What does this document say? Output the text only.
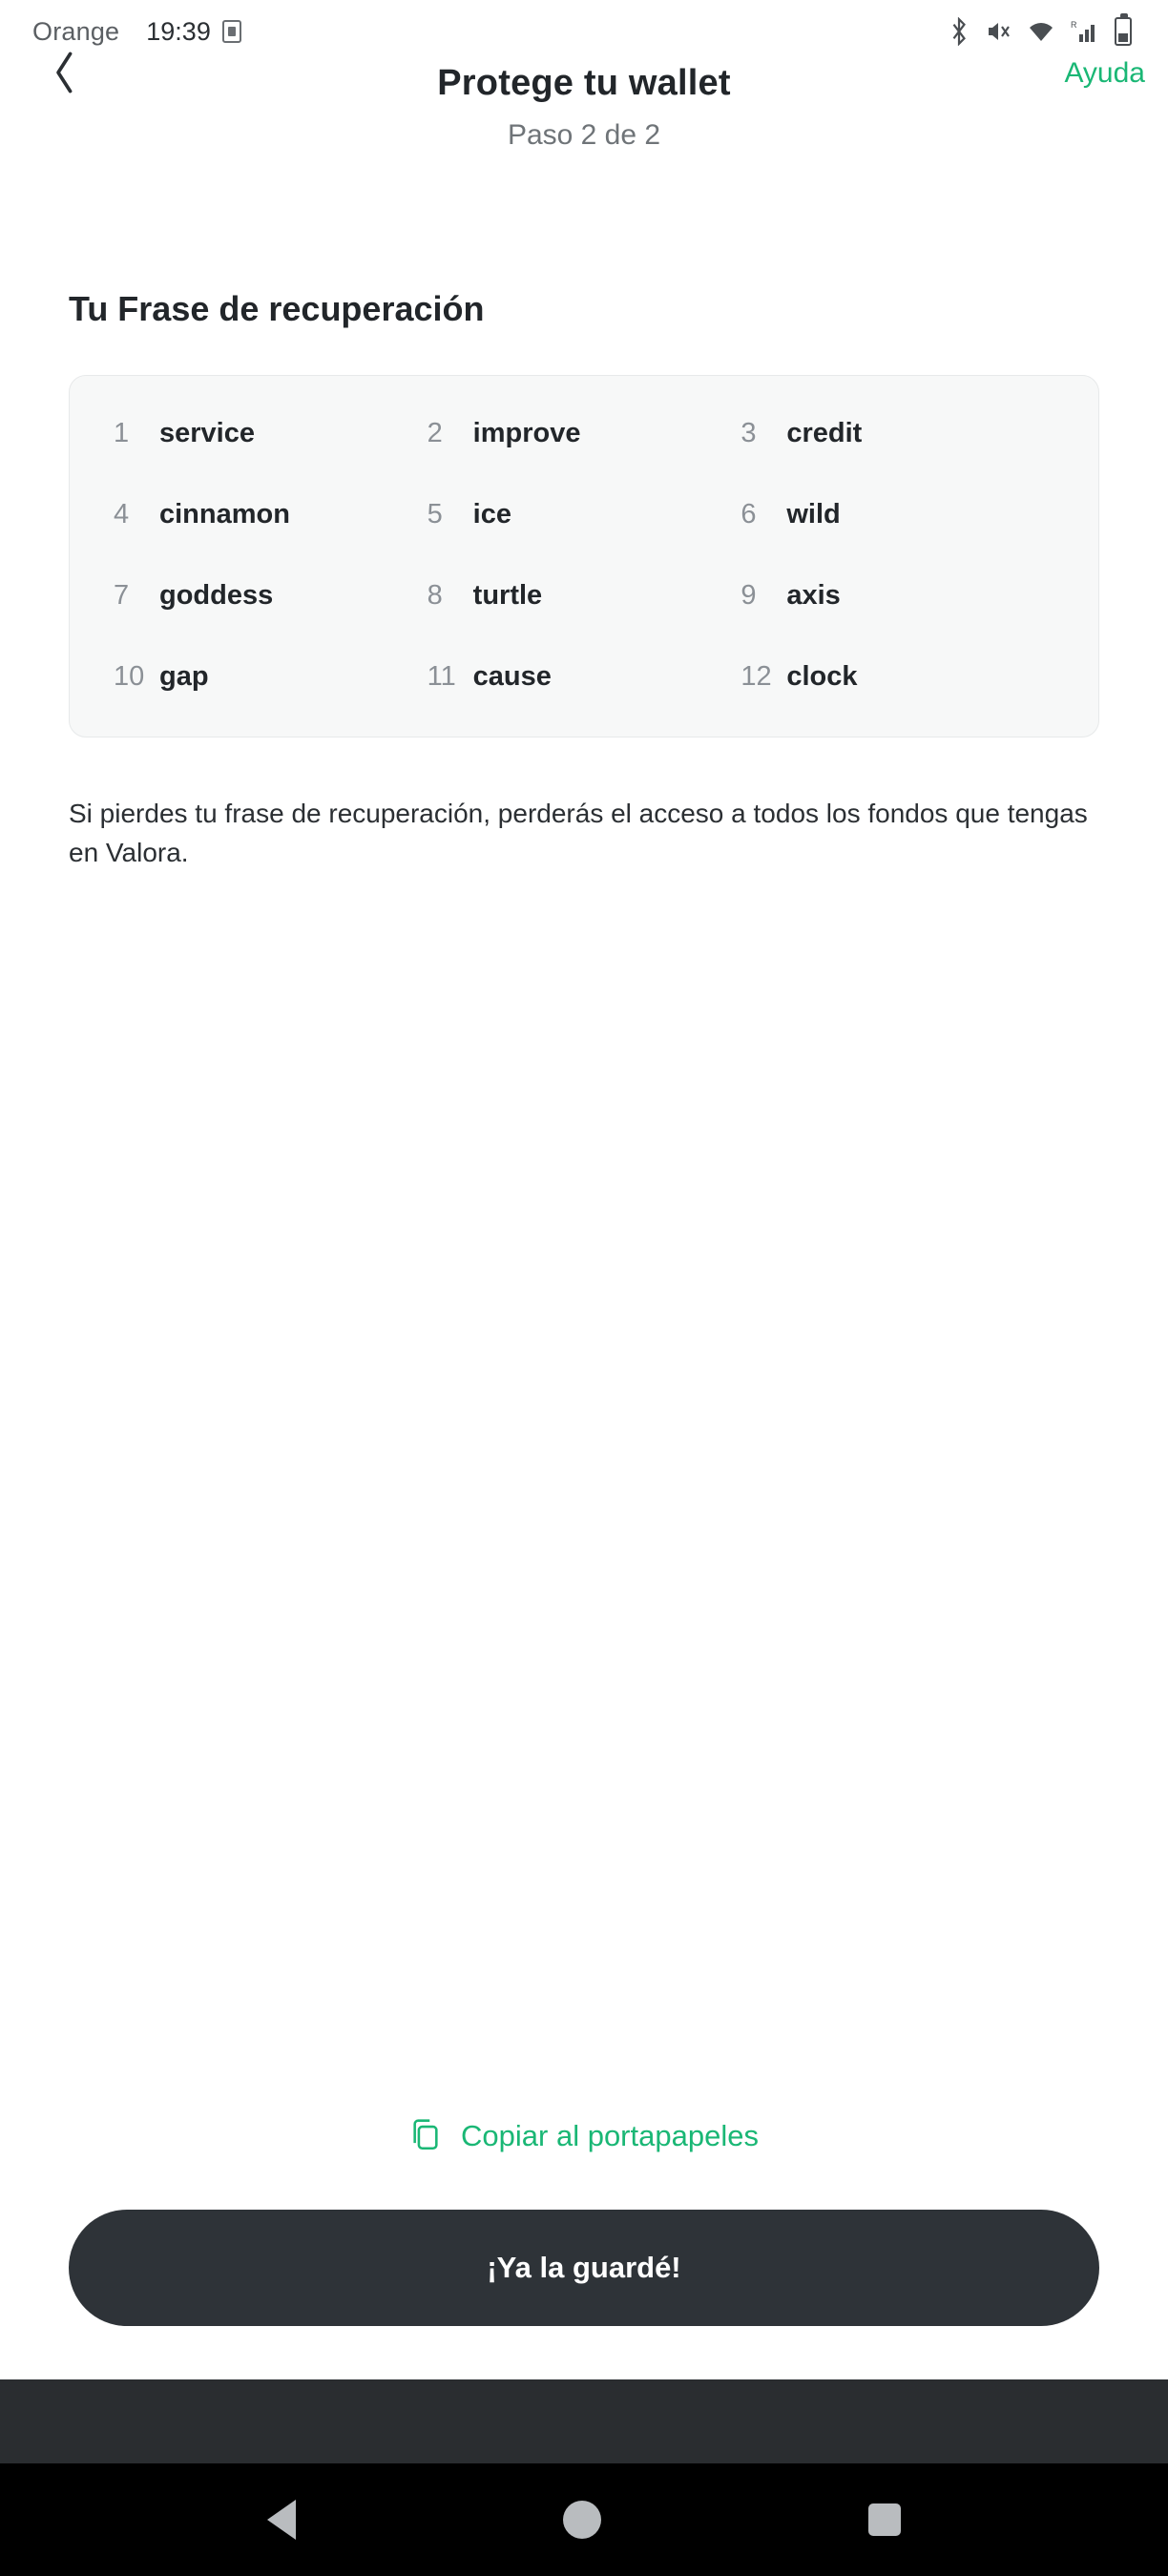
Orange 19:39	R
Protege tu wallet	Ayuda
Paso 2 de 2
Tu Frase de recuperación
1	service	2	improve	3	credit
4	cinnamon	5	ice	6	wild
7	goddess	8	turtle	9	axis
10 gap	11 cause	12 clock
Si pierdes tu frase de recuperación, perderás el acceso a todos los fondos que tengas en Valora.
Copiar al portapapeles
¡Ya la guardé!
